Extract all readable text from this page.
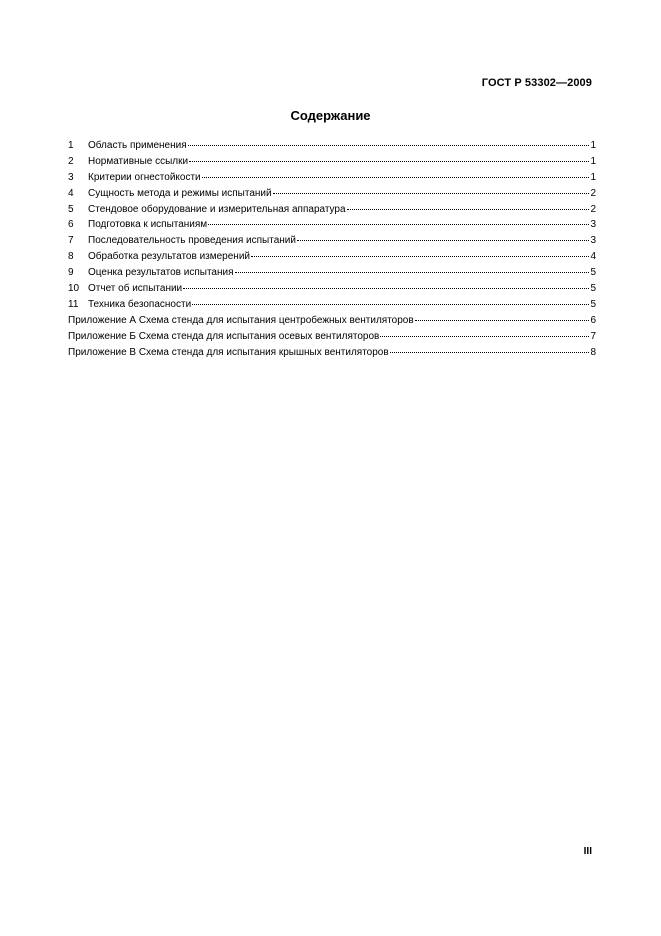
ГОСТ Р 53302—2009
Содержание
1	Область применения	1
2	Нормативные ссылки	1
3	Критерии огнестойкости	1
4	Сущность метода и режимы испытаний	2
5	Стендовое оборудование и измерительная аппаратура	2
6	Подготовка к испытаниям	3
7	Последовательность проведения испытаний	3
8	Обработка результатов измерений	4
9	Оценка результатов испытания	5
10 Отчет об испытании	5
11 Техника безопасности	5
Приложение А Схема стенда для испытания центробежных вентиляторов	6
Приложение Б Схема стенда для испытания осевых вентиляторов	7
Приложение В Схема стенда для испытания крышных вентиляторов	8
III
